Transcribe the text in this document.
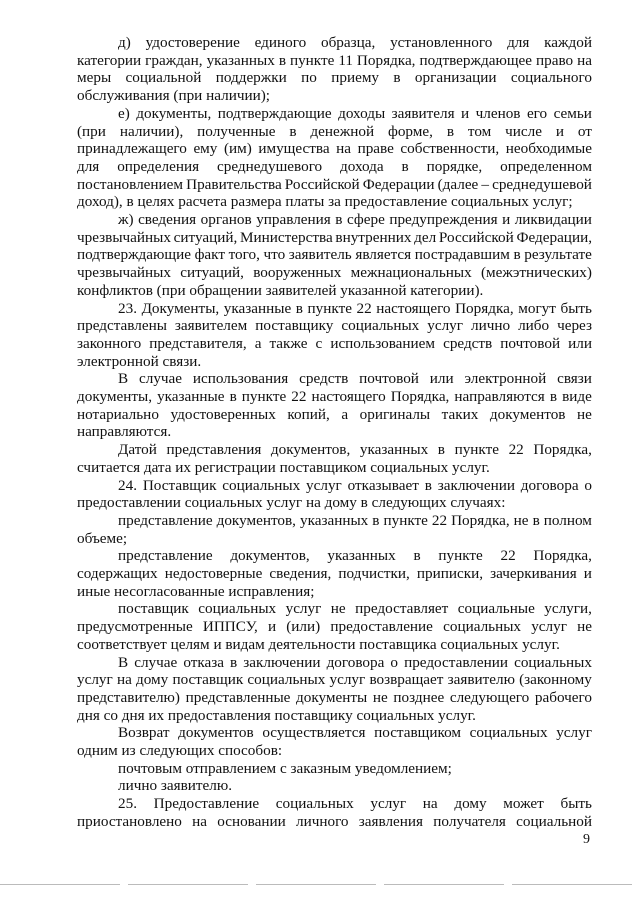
д) удостоверение единого образца, установленного для каждой
категории граждан, указанных в пункте 11 Порядка, подтверждающее право на
меры социальной поддержки по приему в организации социального
обслуживания (при наличии);
е) документы, подтверждающие доходы заявителя и членов его семьи
(при наличии), полученные в денежной форме, в том числе и от
принадлежащего ему (им) имущества на праве собственности, необходимые
для определения среднедушевого дохода в порядке, определенном
постановлением Правительства Российской Федерации (далее – среднедушевой
доход), в целях расчета размера платы за предоставление социальных услуг;
ж) сведения органов управления в сфере предупреждения и ликвидации
чрезвычайных ситуаций, Министерства внутренних дел Российской Федерации,
подтверждающие факт того, что заявитель является пострадавшим в результате
чрезвычайных ситуаций, вооруженных межнациональных (межэтнических)
конфликтов (при обращении заявителей указанной категории).
23. Документы, указанные в пункте 22 настоящего Порядка, могут быть
представлены заявителем поставщику социальных услуг лично либо через
законного представителя, а также с использованием средств почтовой или
электронной связи.
В случае использования средств почтовой или электронной связи
документы, указанные в пункте 22 настоящего Порядка, направляются в виде
нотариально удостоверенных копий, а оригиналы таких документов не
направляются.
Датой представления документов, указанных в пункте 22 Порядка,
считается дата их регистрации поставщиком социальных услуг.
24. Поставщик социальных услуг отказывает в заключении договора о
предоставлении социальных услуг на дому в следующих случаях:
представление документов, указанных в пункте 22 Порядка, не в полном
объеме;
представление документов, указанных в пункте 22 Порядка,
содержащих недостоверные сведения, подчистки, приписки, зачеркивания и
иные несогласованные исправления;
поставщик социальных услуг не предоставляет социальные услуги,
предусмотренные ИППСУ, и (или) предоставление социальных услуг не
соответствует целям и видам деятельности поставщика социальных услуг.
В случае отказа в заключении договора о предоставлении социальных
услуг на дому поставщик социальных услуг возвращает заявителю (законному
представителю) представленные документы не позднее следующего рабочего
дня со дня их предоставления поставщику социальных услуг.
Возврат документов осуществляется поставщиком социальных услуг
одним из следующих способов:
почтовым отправлением с заказным уведомлением;
лично заявителю.
25. Предоставление социальных услуг на дому может быть
приостановлено на основании личного заявления получателя социальной
9
